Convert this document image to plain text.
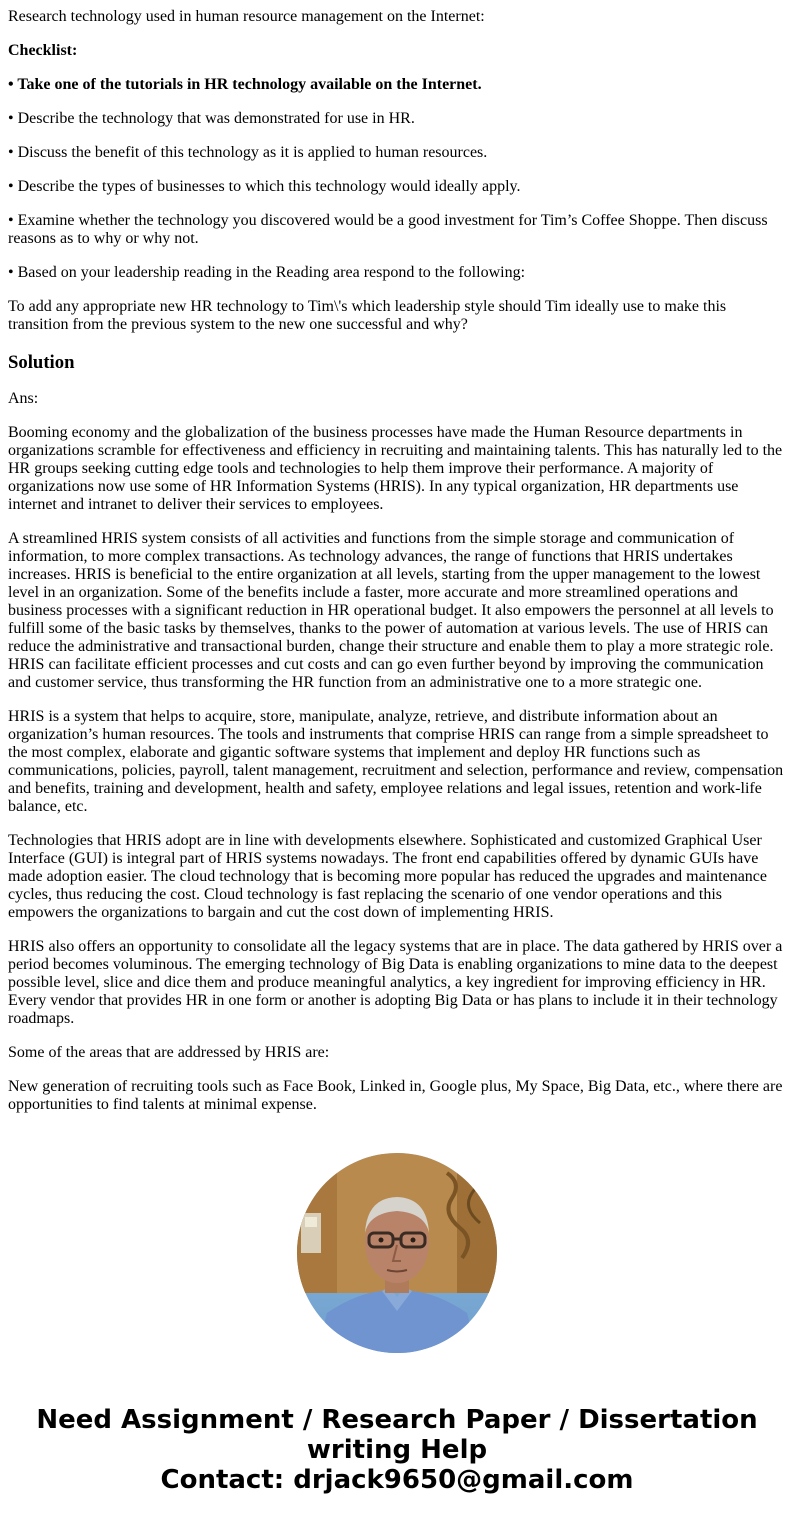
Research technology used in human resource management on the Internet:

Checklist:

• Take one of the tutorials in HR technology available on the Internet.

• Describe the technology that was demonstrated for use in HR.

• Discuss the benefit of this technology as it is applied to human resources.

• Describe the types of businesses to which this technology would ideally apply.

• Examine whether the technology you discovered would be a good investment for Tim’s Coffee Shoppe. Then discuss reasons as to why or why not.

• Based on your leadership reading in the Reading area respond to the following:

To add any appropriate new HR technology to Tim\'s which leadership style should Tim ideally use to make this transition from the previous system to the new one successful and why?

Solution

Ans:

Booming economy and the globalization of the business processes have made the Human Resource departments in organizations scramble for effectiveness and efficiency in recruiting and maintaining talents. This has naturally led to the HR groups seeking cutting edge tools and technologies to help them improve their performance. A majority of organizations now use some of HR Information Systems (HRIS). In any typical organization, HR departments use internet and intranet to deliver their services to employees.

A streamlined HRIS system consists of all activities and functions from the simple storage and communication of information, to more complex transactions. As technology advances, the range of functions that HRIS undertakes increases. HRIS is beneficial to the entire organization at all levels, starting from the upper management to the lowest level in an organization. Some of the benefits include a faster, more accurate and more streamlined operations and business processes with a significant reduction in HR operational budget. It also empowers the personnel at all levels to fulfill some of the basic tasks by themselves, thanks to the power of automation at various levels. The use of HRIS can reduce the administrative and transactional burden, change their structure and enable them to play a more strategic role. HRIS can facilitate efficient processes and cut costs and can go even further beyond by improving the communication and customer service, thus transforming the HR function from an administrative one to a more strategic one.

HRIS is a system that helps to acquire, store, manipulate, analyze, retrieve, and distribute information about an organization’s human resources. The tools and instruments that comprise HRIS can range from a simple spreadsheet to the most complex, elaborate and gigantic software systems that implement and deploy HR functions such as communications, policies, payroll, talent management, recruitment and selection, performance and review, compensation and benefits, training and development, health and safety, employee relations and legal issues, retention and work-life balance, etc.

Technologies that HRIS adopt are in line with developments elsewhere. Sophisticated and customized Graphical User Interface (GUI) is integral part of HRIS systems nowadays. The front end capabilities offered by dynamic GUIs have made adoption easier. The cloud technology that is becoming more popular has reduced the upgrades and maintenance cycles, thus reducing the cost. Cloud technology is fast replacing the scenario of one vendor operations and this empowers the organizations to bargain and cut the cost down of implementing HRIS.

HRIS also offers an opportunity to consolidate all the legacy systems that are in place. The data gathered by HRIS over a period becomes voluminous. The emerging technology of Big Data is enabling organizations to mine data to the deepest possible level, slice and dice them and produce meaningful analytics, a key ingredient for improving efficiency in HR. Every vendor that provides HR in one form or another is adopting Big Data or has plans to include it in their technology roadmaps.

Some of the areas that are addressed by HRIS are:

New generation of recruiting tools such as Face Book, Linked in, Google plus, My Space, Big Data, etc., where there are opportunities to find talents at minimal expense.

Need Assignment / Research Paper / Dissertation
writing Help
Contact: drjack9650@gmail.com
